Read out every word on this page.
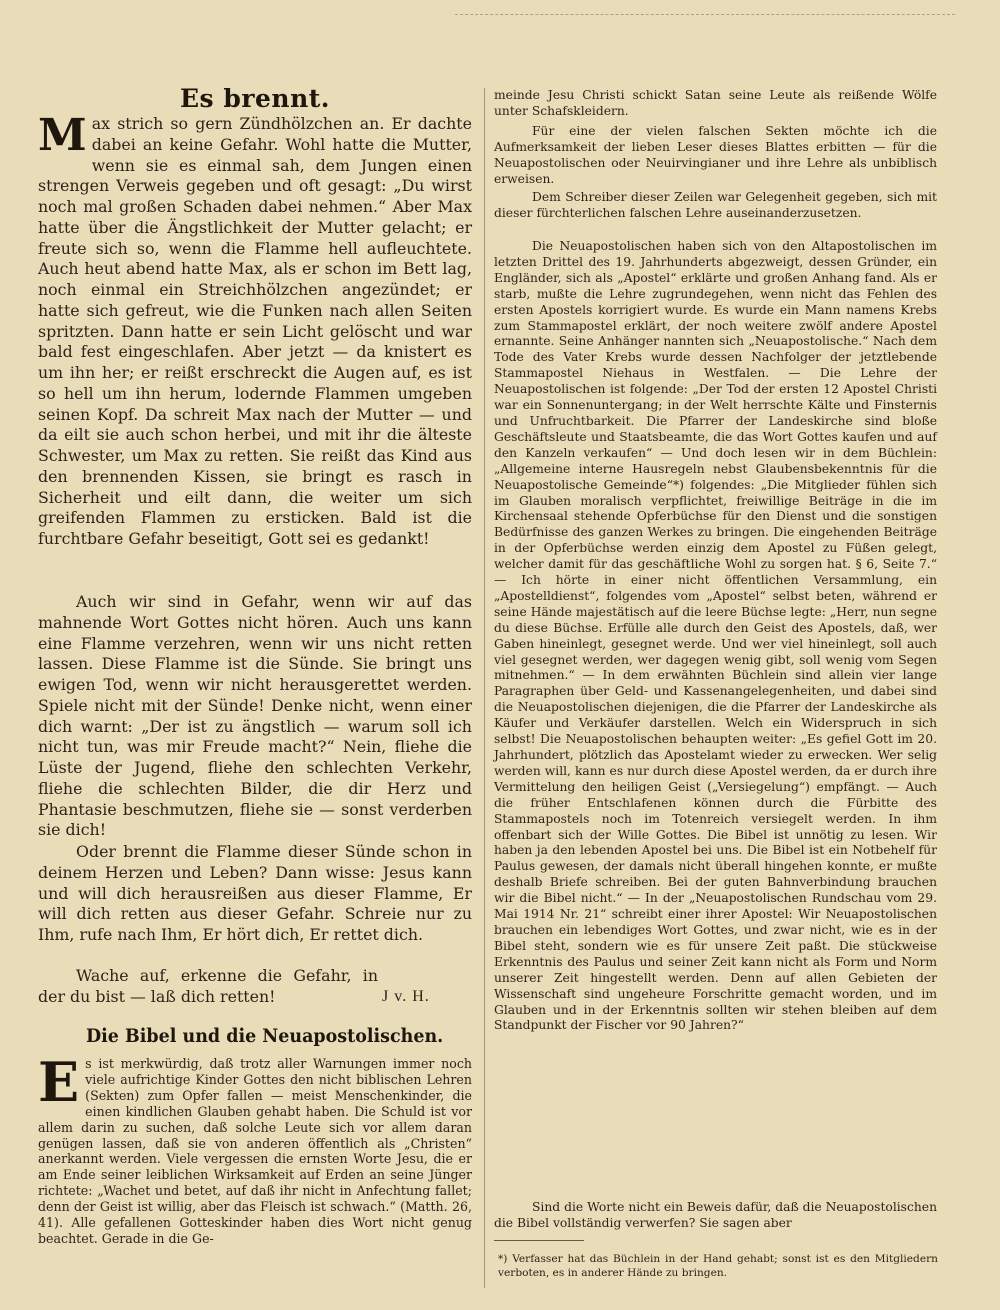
Es brennt.
Max strich so gern Zündhölzchen an. Er dachte dabei an keine Gefahr. Wohl hatte die Mutter, wenn sie es einmal sah, dem Jungen einen strengen Verweis gegeben und oft gesagt: „Du wirst noch mal großen Schaden dabei nehmen.“ Aber Max hatte über die Ängstlichkeit der Mutter gelacht; er freute sich so, wenn die Flamme hell aufleuchtete. Auch heut abend hatte Max, als er schon im Bett lag, noch einmal ein Streichhölzchen angezündet; er hatte sich gefreut, wie die Funken nach allen Seiten spritzten. Dann hatte er sein Licht gelöscht und war bald fest eingeschlafen. Aber jetzt — da knistert es um ihn her; er reißt erschreckt die Augen auf, es ist so hell um ihn herum, lodernde Flammen umgeben seinen Kopf. Da schreit Max nach der Mutter — und da eilt sie auch schon herbei, und mit ihr die älteste Schwester, um Max zu retten. Sie reißt das Kind aus den brennenden Kissen, sie bringt es rasch in Sicherheit und eilt dann, die weiter um sich greifenden Flammen zu ersticken. Bald ist die furchtbare Gefahr beseitigt, Gott sei es gedankt!

Auch wir sind in Gefahr, wenn wir auf das mahnende Wort Gottes nicht hören. Auch uns kann eine Flamme verzehren, wenn wir uns nicht retten lassen. Diese Flamme ist die Sünde. Sie bringt uns ewigen Tod, wenn wir nicht herausgerettet werden. Spiele nicht mit der Sünde! Denke nicht, wenn einer dich warnt: „Der ist zu ängstlich — warum soll ich nicht tun, was mir Freude macht?“ Nein, fliehe die Lüste der Jugend, fliehe den schlechten Verkehr, fliehe die schlechten Bilder, die dir Herz und Phantasie beschmutzen, fliehe sie — sonst verderben sie dich!

Oder brennt die Flamme dieser Sünde schon in deinem Herzen und Leben? Dann wisse: Jesus kann und will dich herausreißen aus dieser Flamme, Er will dich retten aus dieser Gefahr. Schreie nur zu Ihm, rufe nach Ihm, Er hört dich, Er rettet dich.

Wache auf, erkenne die Gefahr, in der du bist — laß dich retten!	J v. H.
Die Bibel und die Neuapostolischen.
Es ist merkwürdig, daß trotz aller Warnungen immer noch viele aufrichtige Kinder Gottes den nicht biblischen Lehren (Sekten) zum Opfer fallen — meist Menschenkinder, die einen kindlichen Glauben gehabt haben. Die Schuld ist vor allem darin zu suchen, daß solche Leute sich vor allem daran genügen lassen, daß sie von anderen öffentlich als „Christen“ anerkannt werden. Viele vergessen die ernsten Worte Jesu, die er am Ende seiner leiblichen Wirksamkeit auf Erden an seine Jünger richtete: „Wachet und betet, auf daß ihr nicht in Anfechtung fallet; denn der Geist ist willig, aber das Fleisch ist schwach.“ (Matth. 26, 41). Alle gefallenen Gotteskinder haben dies Wort nicht genug beachtet. Gerade in die Ge-

meinde Jesu Christi schickt Satan seine Leute als reißende Wölfe unter Schafskleidern.

Für eine der vielen falschen Sekten möchte ich die Aufmerksamkeit der lieben Leser dieses Blattes erbitten — für die Neuapostolischen oder Neuirvingianer und ihre Lehre als unbiblisch erweisen.

Dem Schreiber dieser Zeilen war Gelegenheit gegeben, sich mit dieser fürchterlichen falschen Lehre auseinanderzusetzen.

Die Neuapostolischen haben sich von den Altapostolischen im letzten Drittel des 19. Jahrhunderts abgezweigt, dessen Gründer, ein Engländer, sich als „Apostel“ erklärte und großen Anhang fand. Als er starb, mußte die Lehre zugrundegehen, wenn nicht das Fehlen des ersten Apostels korrigiert wurde. Es wurde ein Mann namens Krebs zum Stammapostel erklärt, der noch weitere zwölf andere Apostel ernannte. Seine Anhänger nannten sich „Neuapostolische.“ Nach dem Tode des Vater Krebs wurde dessen Nachfolger der jetztlebende Stammapostel Niehaus in Westfalen. — Die Lehre der Neuapostolischen ist folgende: „Der Tod der ersten 12 Apostel Christi war ein Sonnenuntergang; in der Welt herrschte Kälte und Finsternis und Unfruchtbarkeit. Die Pfarrer der Landeskirche sind bloße Geschäftsleute und Staatsbeamte, die das Wort Gottes kaufen und auf den Kanzeln verkaufen“ — Und doch lesen wir in dem Büchlein: „Allgemeine interne Hausregeln nebst Glaubensbekenntnis für die Neuapostolische Gemeinde“*) folgendes: „Die Mitglieder fühlen sich im Glauben moralisch verpflichtet, freiwillige Beiträge in die im Kirchensaal stehende Opferbüchse für den Dienst und die sonstigen Bedürfnisse des ganzen Werkes zu bringen. Die eingehenden Beiträge in der Opferbüchse werden einzig dem Apostel zu Füßen gelegt, welcher damit für das geschäftliche Wohl zu sorgen hat. § 6, Seite 7.“ — Ich hörte in einer nicht öffentlichen Versammlung, ein „Apostelldienst“, folgendes vom „Apostel“ selbst beten, während er seine Hände majestätisch auf die leere Büchse legte: „Herr, nun segne du diese Büchse. Erfülle alle durch den Geist des Apostels, daß, wer Gaben hineinlegt, gesegnet werde. Und wer viel hineinlegt, soll auch viel gesegnet werden, wer dagegen wenig gibt, soll wenig vom Segen mitnehmen.“ — In dem erwähnten Büchlein sind allein vier lange Paragraphen über Geld- und Kassenangelegenheiten, und dabei sind die Neuapostolischen diejenigen, die die Pfarrer der Landeskirche als Käufer und Verkäufer darstellen. Welch ein Widerspruch in sich selbst! Die Neuapostolischen behaupten weiter: „Es gefiel Gott im 20. Jahrhundert, plötzlich das Apostelamt wieder zu erwecken. Wer selig werden will, kann es nur durch diese Apostel werden, da er durch ihre Vermittelung den heiligen Geist („Versiegelung“) empfängt. — Auch die früher Entschlafenen können durch die Fürbitte des Stammapostels noch im Totenreich versiegelt werden. In ihm offenbart sich der Wille Gottes. Die Bibel ist unnötig zu lesen. Wir haben ja den lebenden Apostel bei uns. Die Bibel ist ein Notbehelf für Paulus gewesen, der damals nicht überall hingehen konnte, er mußte deshalb Briefe schreiben. Bei der guten Bahnverbindung brauchen wir die Bibel nicht.“ — In der „Neuapostolischen Rundschau vom 29. Mai 1914 Nr. 21“ schreibt einer ihrer Apostel: Wir Neuapostolischen brauchen ein lebendiges Wort Gottes, und zwar nicht, wie es in der Bibel steht, sondern wie es für unsere Zeit paßt. Die stückweise Erkenntnis des Paulus und seiner Zeit kann nicht als Form und Norm unserer Zeit hingestellt werden. Denn auf allen Gebieten der Wissenschaft sind ungeheure Forschritte gemacht worden, und im Glauben und in der Erkenntnis sollten wir stehen bleiben auf dem Standpunkt der Fischer vor 90 Jahren?“

Sind die Worte nicht ein Beweis dafür, daß die Neuapostolischen die Bibel vollständig verwerfen? Sie sagen aber

*) Verfasser hat das Büchlein in der Hand gehabt; sonst ist es den Mitgliedern verboten, es in anderer Hände zu bringen.
